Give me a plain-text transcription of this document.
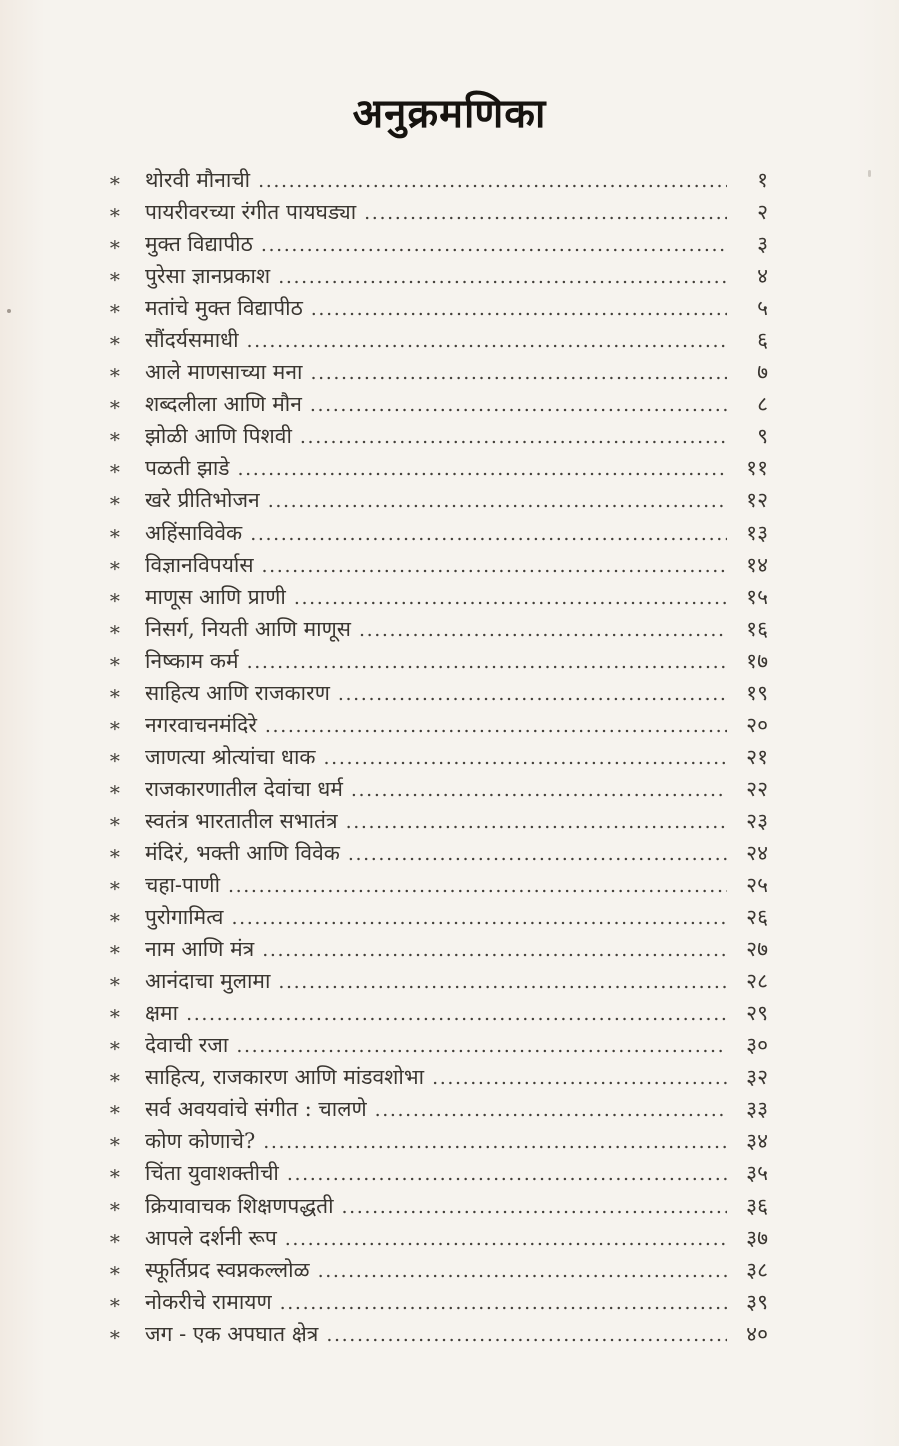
अनुक्रमणिका
∗	थोरवी मौनाची .....	१
∗	पायरीवरच्या रंगीत पायघड्या .....	२
∗	मुक्त विद्यापीठ .....	३
∗	पुरेसा ज्ञानप्रकाश .....	४
∗	मतांचे मुक्त विद्यापीठ .....	५
∗	सौंदर्यसमाधी .....	६
∗	आले माणसाच्या मना .....	७
∗	शब्दलीला आणि मौन .....	८
∗	झोळी आणि पिशवी .....	९
∗	पळती झाडे .....	११
∗	खरे प्रीतिभोजन .....	१२
∗	अहिंसाविवेक .....	१३
∗	विज्ञानविपर्यास .....	१४
∗	माणूस आणि प्राणी .....	१५
∗	निसर्ग, नियती आणि माणूस .....	१६
∗	निष्काम कर्म .....	१७
∗	साहित्य आणि राजकारण .....	१९
∗	नगरवाचनमंदिरे .....	२०
∗	जाणत्या श्रोत्यांचा धाक .....	२१
∗	राजकारणातील देवांचा धर्म .....	२२
∗	स्वतंत्र भारतातील सभातंत्र .....	२३
∗	मंदिरं, भक्ती आणि विवेक .....	२४
∗	चहा-पाणी .....	२५
∗	पुरोगामित्व .....	२६
∗	नाम आणि मंत्र .....	२७
∗	आनंदाचा मुलामा .....	२८
∗	क्षमा .....	२९
∗	देवाची रजा .....	३०
∗	साहित्य, राजकारण आणि मांडवशोभा .....	३२
∗	सर्व अवयवांचे संगीत : चालणे .....	३३
∗	कोण कोणाचे? .....	३४
∗	चिंता युवाशक्तीची .....	३५
∗	क्रियावाचक शिक्षणपद्धती .....	३६
∗	आपले दर्शनी रूप .....	३७
∗	स्फूर्तिप्रद स्वप्नकल्लोळ .....	३८
∗	नोकरीचे रामायण .....	३९
∗	जग - एक अपघात क्षेत्र .....	४०
